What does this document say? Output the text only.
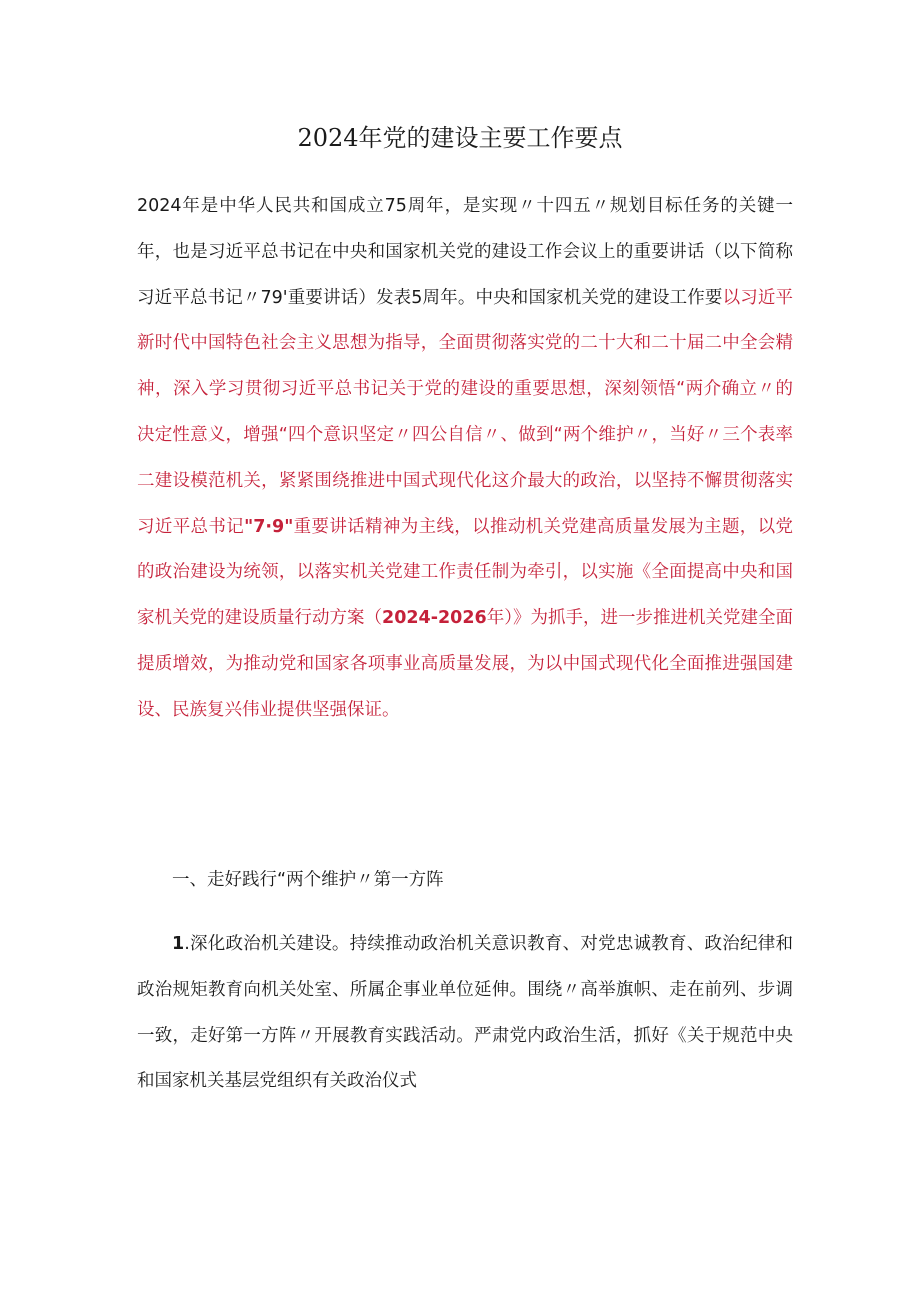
2024年党的建设主要工作要点

2024年是中华人民共和国成立75周年，是实现〃十四五〃规划目标任务的关键一年，也是习近平总书记在中央和国家机关党的建设工作会议上的重要讲话（以下简称习近平总书记〃79'重要讲话）发表5周年。中央和国家机关党的建设工作要以习近平新时代中国特色社会主义思想为指导，全面贯彻落实党的二十大和二十届二中全会精神，深入学习贯彻习近平总书记关于党的建设的重要思想，深刻领悟“两介确立〃的决定性意义，增强“四个意识坚定〃四公自信〃、做到“两个维护〃，当好〃三个表率二建设模范机关，紧紧围绕推进中国式现代化这介最大的政治，以坚持不懈贯彻落实习近平总书记"7·9"重要讲话精神为主线，以推动机关党建高质量发展为主题，以党的政治建设为统领，以落实机关党建工作责任制为牵引，以实施《全面提高中央和国家机关党的建设质量行动方案（2024-2026年）》为抓手，进一步推进机关党建全面提质增效，为推动党和国家各项事业高质量发展，为以中国式现代化全面推进强国建设、民族复兴伟业提供坚强保证。

一、走好践行“两个维护〃第一方阵

1.深化政治机关建设。持续推动政治机关意识教育、对党忠诚教育、政治纪律和政治规矩教育向机关处室、所属企事业单位延伸。围绕〃高举旗帜、走在前列、步调一致，走好第一方阵〃开展教育实践活动。严肃党内政治生活，抓好《关于规范中央和国家机关基层党组织有关政治仪式
